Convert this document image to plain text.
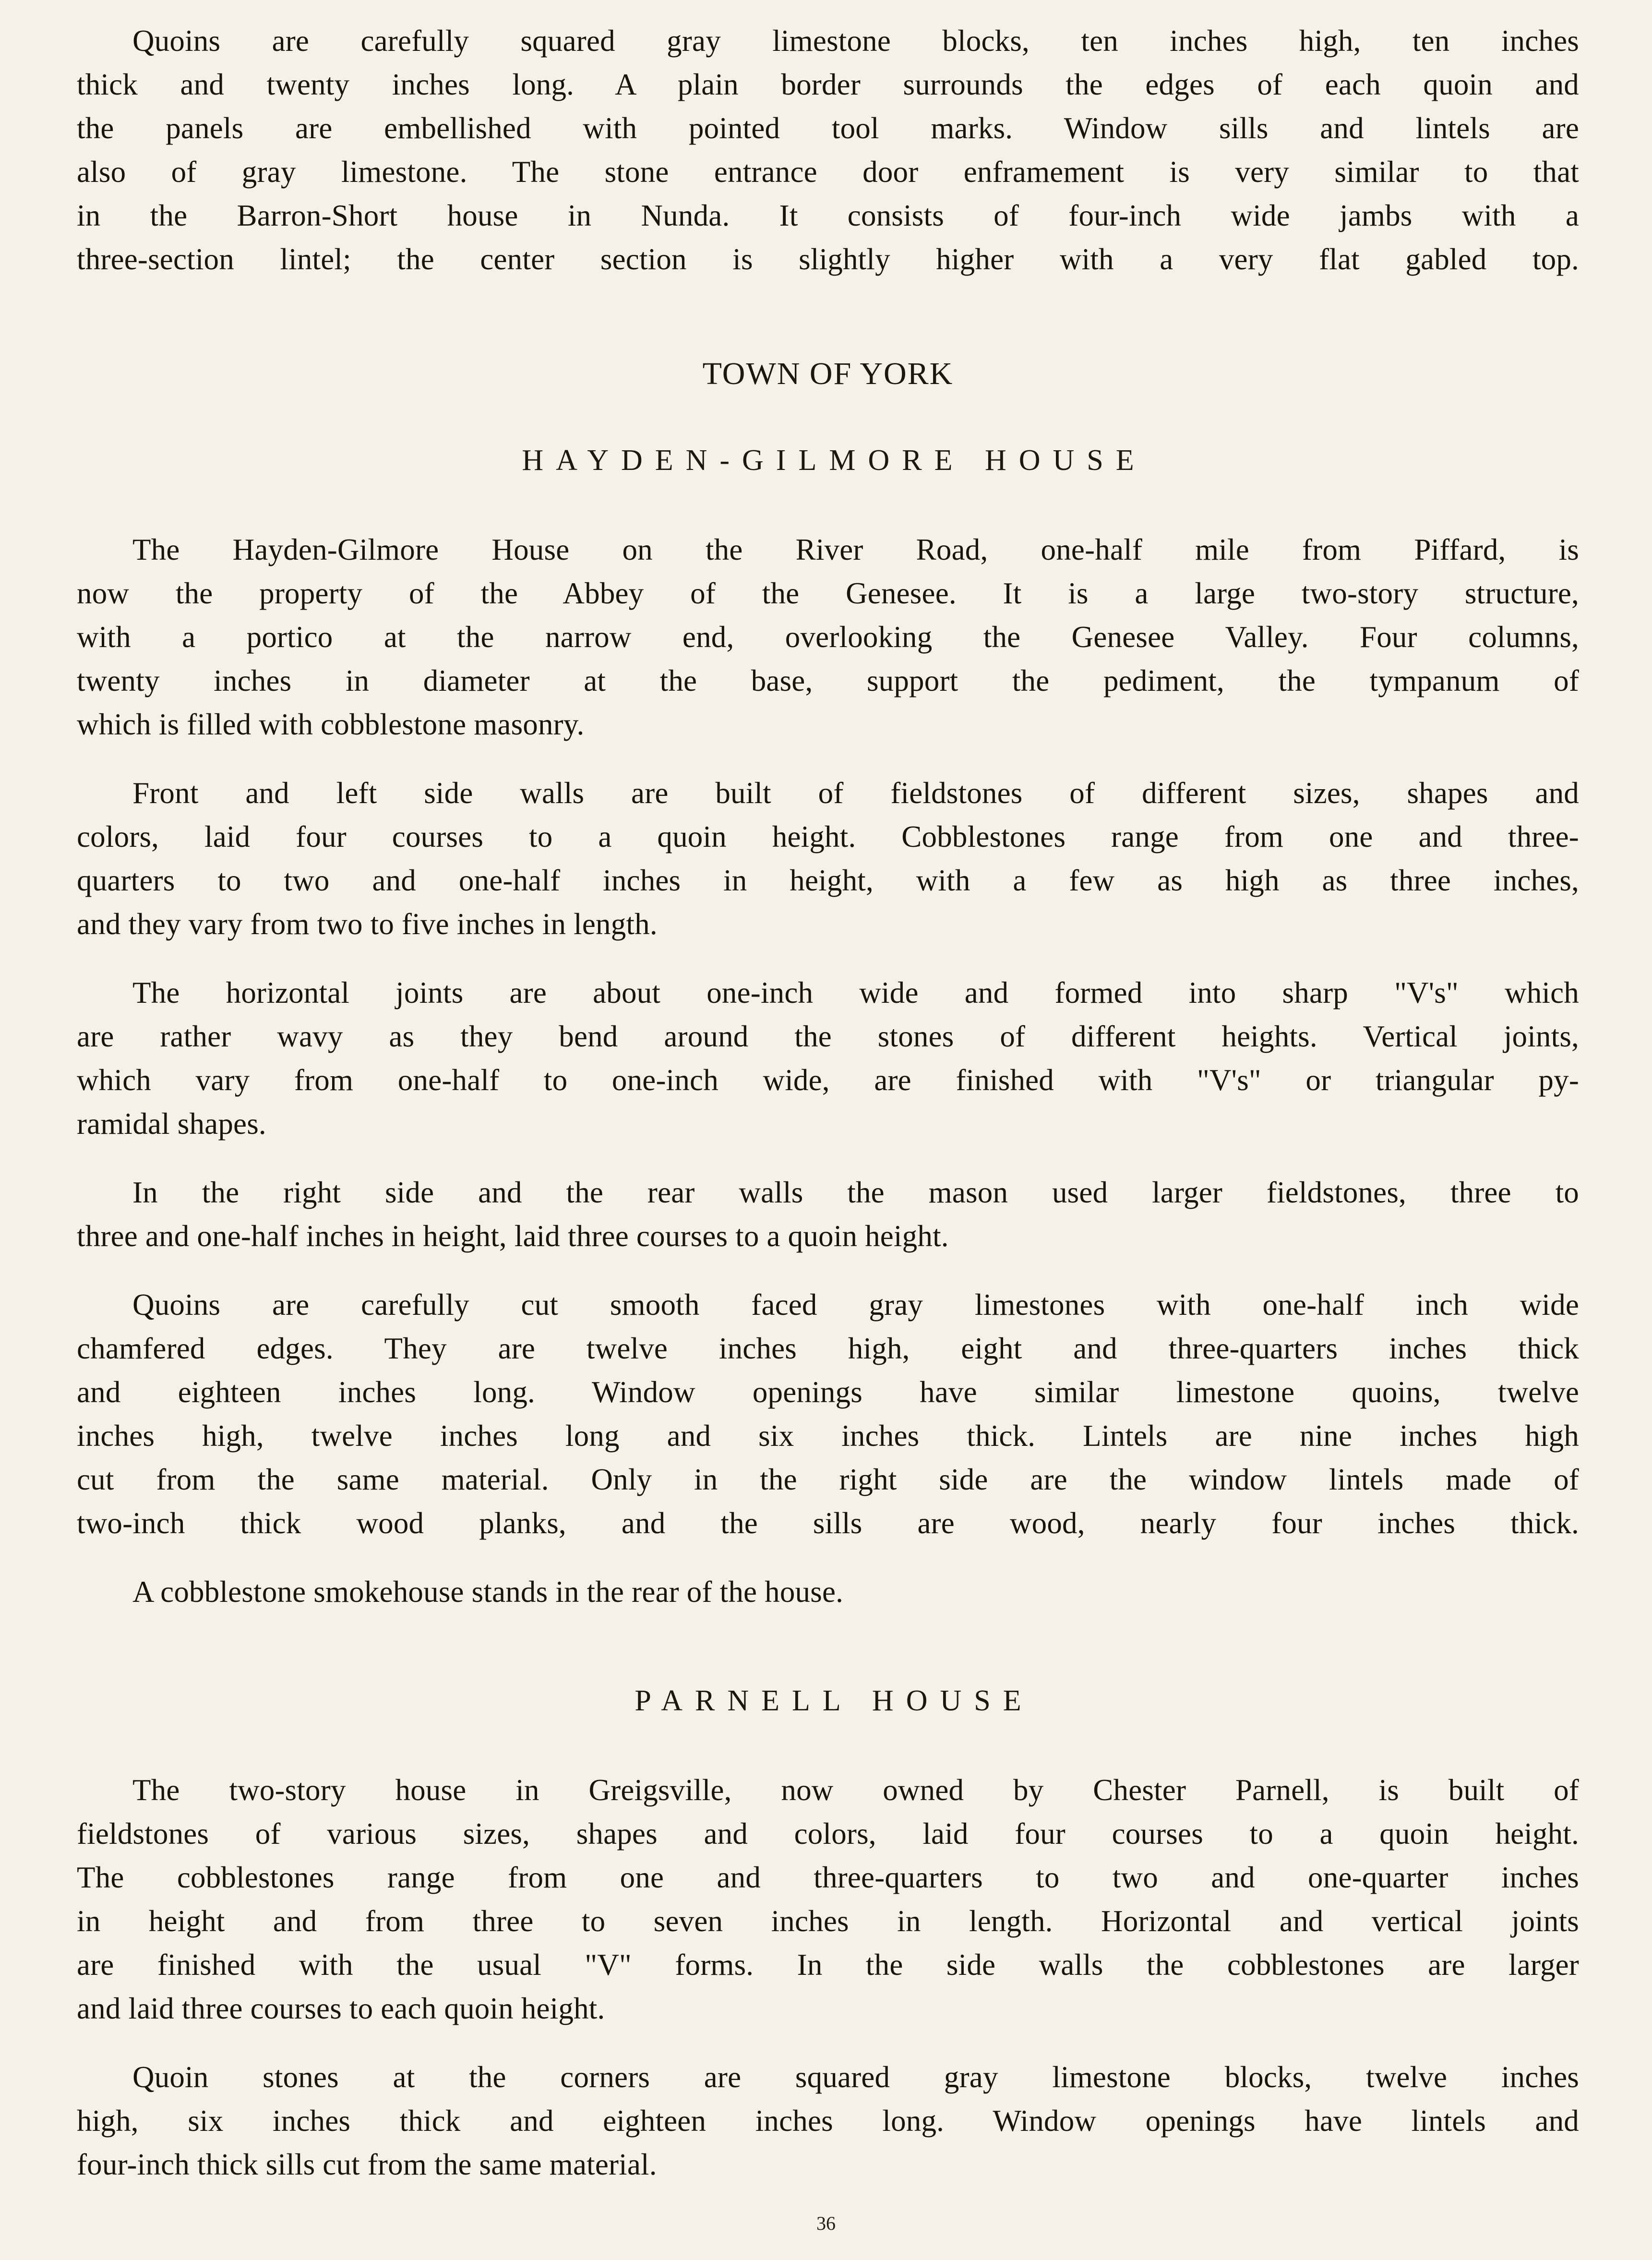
Quoins are carefully squared gray limestone blocks, ten inches high, ten inches
thick and twenty inches long. A plain border surrounds the edges of each quoin and
the panels are embellished with pointed tool marks. Window sills and lintels are
also of gray limestone. The stone entrance door enframement is very similar to that
in the Barron-Short house in Nunda. It consists of four-inch wide jambs with a
three-section lintel; the center section is slightly higher with a very flat gabled top.

TOWN OF YORK
HAYDEN-GILMORE HOUSE

The Hayden-Gilmore House on the River Road, one-half mile from Piffard, is
now the property of the Abbey of the Genesee. It is a large two-story structure,
with a portico at the narrow end, overlooking the Genesee Valley. Four columns,
twenty inches in diameter at the base, support the pediment, the tympanum of
which is filled with cobblestone masonry.

Front and left side walls are built of fieldstones of different sizes, shapes and
colors, laid four courses to a quoin height. Cobblestones range from one and three-
quarters to two and one-half inches in height, with a few as high as three inches,
and they vary from two to five inches in length.

The horizontal joints are about one-inch wide and formed into sharp "V's" which
are rather wavy as they bend around the stones of different heights. Vertical joints,
which vary from one-half to one-inch wide, are finished with "V's" or triangular py-
ramidal shapes.

In the right side and the rear walls the mason used larger fieldstones, three to
three and one-half inches in height, laid three courses to a quoin height.

Quoins are carefully cut smooth faced gray limestones with one-half inch wide
chamfered edges. They are twelve inches high, eight and three-quarters inches thick
and eighteen inches long. Window openings have similar limestone quoins, twelve
inches high, twelve inches long and six inches thick. Lintels are nine inches high
cut from the same material. Only in the right side are the window lintels made of
two-inch thick wood planks, and the sills are wood, nearly four inches thick.

A cobblestone smokehouse stands in the rear of the house.

PARNELL HOUSE

The two-story house in Greigsville, now owned by Chester Parnell, is built of
fieldstones of various sizes, shapes and colors, laid four courses to a quoin height.
The cobblestones range from one and three-quarters to two and one-quarter inches
in height and from three to seven inches in length. Horizontal and vertical joints
are finished with the usual "V" forms. In the side walls the cobblestones are larger
and laid three courses to each quoin height.

Quoin stones at the corners are squared gray limestone blocks, twelve inches
high, six inches thick and eighteen inches long. Window openings have lintels and
four-inch thick sills cut from the same material.

36
